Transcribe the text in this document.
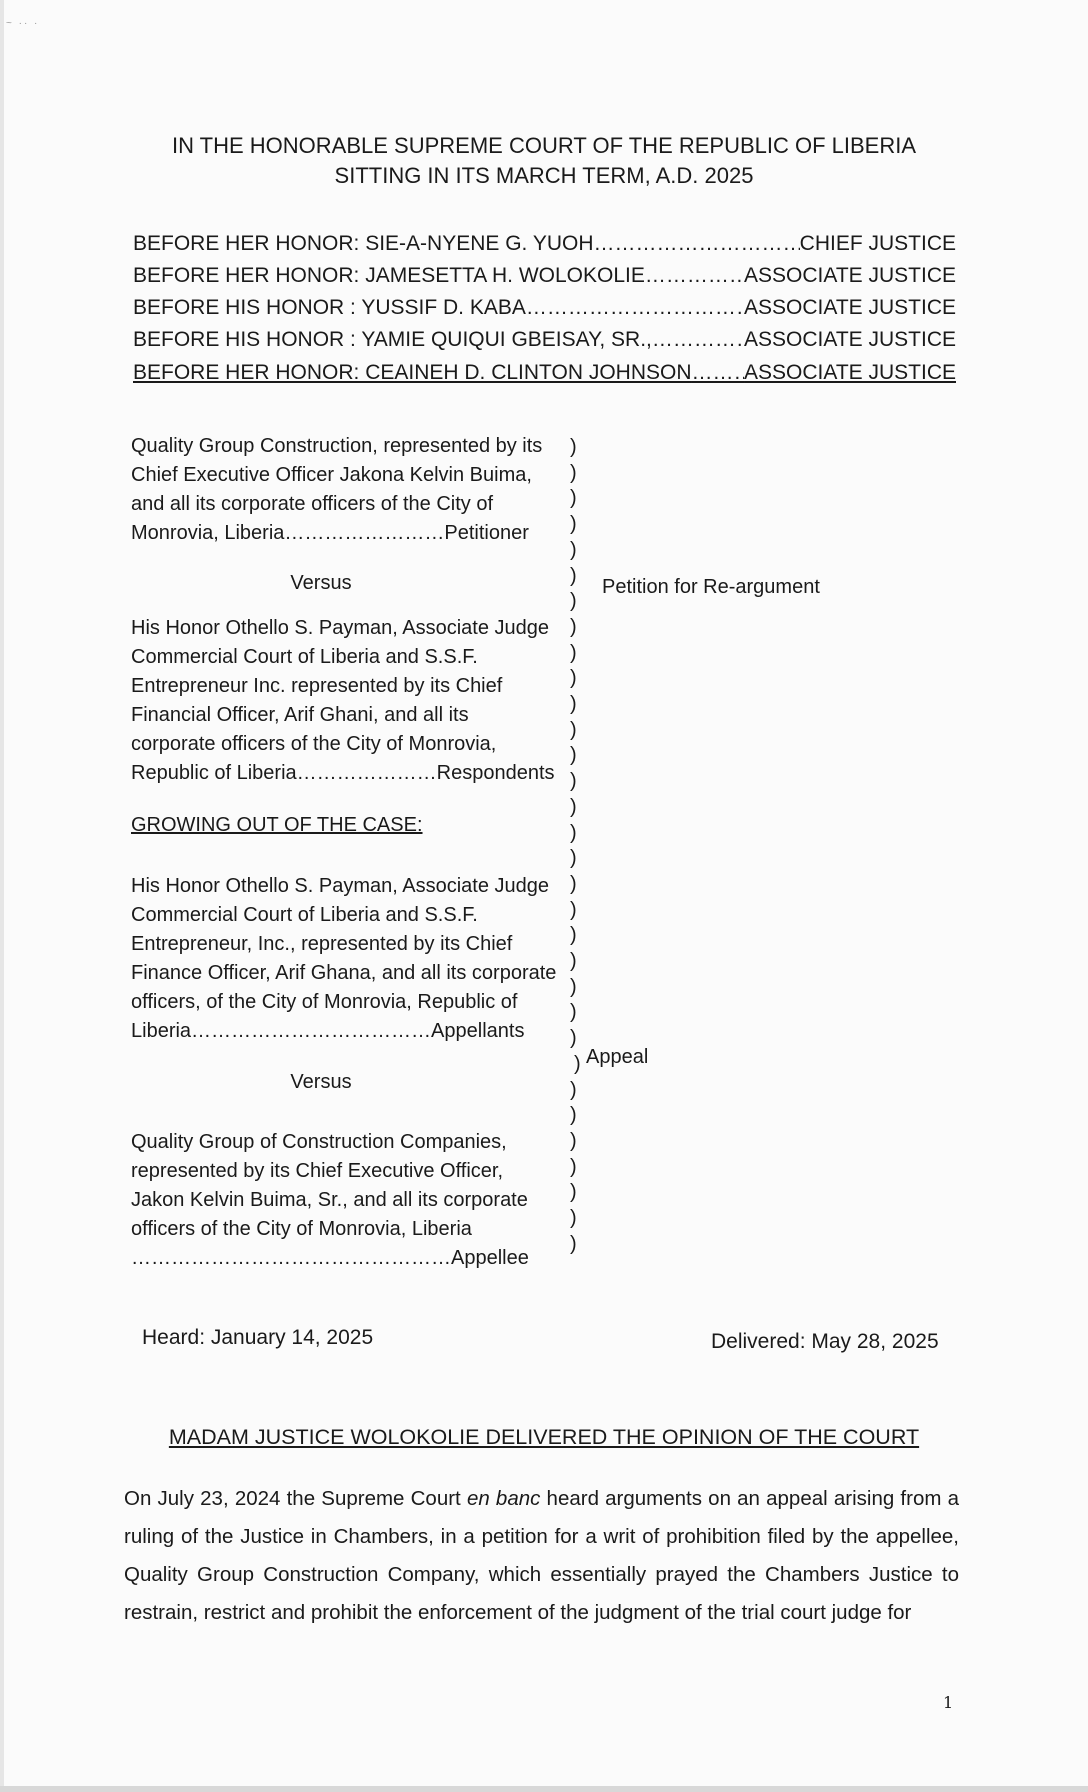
~ ·· ·
IN THE HONORABLE SUPREME COURT OF THE REPUBLIC OF LIBERIA
SITTING IN ITS MARCH TERM, A.D. 2025
BEFORE HER HONOR: SIE-A-NYENE G. YUOH ……………………………………………………………	CHIEF JUSTICE
BEFORE HER HONOR: JAMESETTA H. WOLOKOLIE ……………………………………………………………	ASSOCIATE JUSTICE
BEFORE HIS HONOR : YUSSIF D. KABA ……………………………………………………………	ASSOCIATE JUSTICE
BEFORE HIS HONOR : YAMIE QUIQUI GBEISAY, SR., ……………………………………………………………	ASSOCIATE JUSTICE
BEFORE HER HONOR: CEAINEH D. CLINTON JOHNSON ……………………………………………………………	ASSOCIATE JUSTICE
Quality Group Construction, represented by its
Chief Executive Officer Jakona Kelvin Buima,
and all its corporate officers of the City of
Monrovia, Liberia……………………Petitioner
Versus	Petition for Re-argument
His Honor Othello S. Payman, Associate Judge
Commercial Court of Liberia and S.S.F.
Entrepreneur Inc. represented by its Chief
Financial Officer, Arif Ghani, and all its
corporate officers of the City of Monrovia,
Republic of Liberia…………………Respondents
GROWING OUT OF THE CASE:
His Honor Othello S. Payman, Associate Judge
Commercial Court of Liberia and S.S.F.
Entrepreneur, Inc., represented by its Chief
Finance Officer, Arif Ghana, and all its corporate
officers, of the City of Monrovia, Republic of
Liberia………………………………Appellants
Appeal
Versus
Quality Group of Construction Companies,
represented by its Chief Executive Officer,
Jakon Kelvin Buima, Sr., and all its corporate
officers of the City of Monrovia, Liberia
…………………………………………Appellee
)
)
)
)
)
)
)
)
)
)
)
)
)
)
)
)
)
)
)
)
)
)
)
)
)
)
)
)
)
)
)
)
Heard: January 14, 2025	Delivered: May 28, 2025
MADAM JUSTICE WOLOKOLIE DELIVERED THE OPINION OF THE COURT
On July 23, 2024 the Supreme Court en banc heard arguments on an appeal arising from a ruling of the Justice in Chambers, in a petition for a writ of prohibition filed by the appellee, Quality Group Construction Company, which essentially prayed the Chambers Justice to restrain, restrict and prohibit the enforcement of the judgment of the trial court judge for
1
